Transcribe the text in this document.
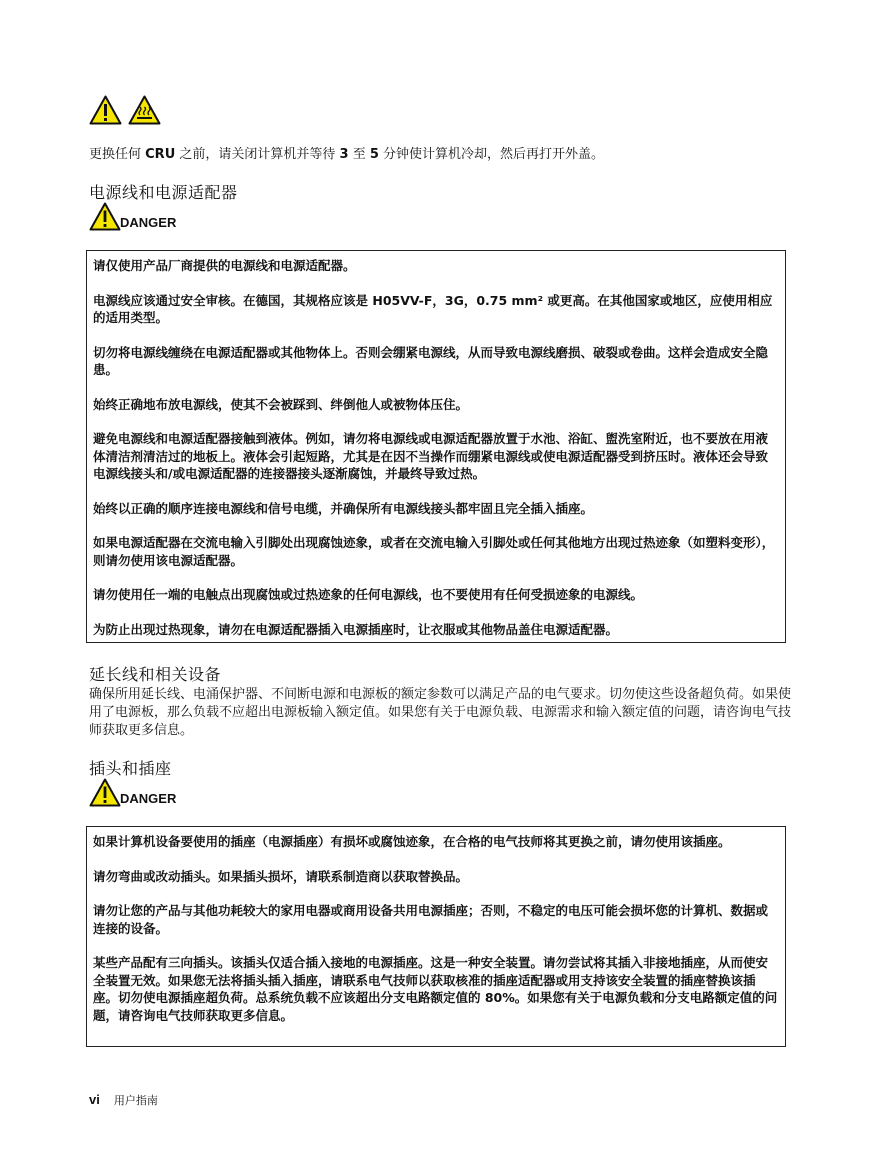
更换任何 CRU 之前，请关闭计算机并等待 3 至 5 分钟使计算机冷却，然后再打开外盖。
电源线和电源适配器
DANGER

请仅使用产品厂商提供的电源线和电源适配器。

电源线应该通过安全审核。在德国，其规格应该是 H05VV-F，3G，0.75 mm² 或更高。在其他国家或地区，应使用相应的适用类型。

切勿将电源线缠绕在电源适配器或其他物体上。否则会绷紧电源线，从而导致电源线磨损、破裂或卷曲。这样会造成安全隐患。

始终正确地布放电源线，使其不会被踩到、绊倒他人或被物体压住。

避免电源线和电源适配器接触到液体。例如，请勿将电源线或电源适配器放置于水池、浴缸、盥洗室附近，也不要放在用液体清洁剂清洁过的地板上。液体会引起短路，尤其是在因不当操作而绷紧电源线或使电源适配器受到挤压时。液体还会导致电源线接头和/或电源适配器的连接器接头逐渐腐蚀，并最终导致过热。

始终以正确的顺序连接电源线和信号电缆，并确保所有电源线接头都牢固且完全插入插座。

如果电源适配器在交流电输入引脚处出现腐蚀迹象，或者在交流电输入引脚处或任何其他地方出现过热迹象（如塑料变形），则请勿使用该电源适配器。

请勿使用任一端的电触点出现腐蚀或过热迹象的任何电源线，也不要使用有任何受损迹象的电源线。

为防止出现过热现象，请勿在电源适配器插入电源插座时，让衣服或其他物品盖住电源适配器。

延长线和相关设备
确保所用延长线、电涌保护器、不间断电源和电源板的额定参数可以满足产品的电气要求。切勿使这些设备超负荷。如果使用了电源板，那么负载不应超出电源板输入额定值。如果您有关于电源负载、电源需求和输入额定值的问题，请咨询电气技师获取更多信息。
插头和插座
DANGER

如果计算机设备要使用的插座（电源插座）有损坏或腐蚀迹象，在合格的电气技师将其更换之前，请勿使用该插座。

请勿弯曲或改动插头。如果插头损坏，请联系制造商以获取替换品。

请勿让您的产品与其他功耗较大的家用电器或商用设备共用电源插座；否则，不稳定的电压可能会损坏您的计算机、数据或连接的设备。

某些产品配有三向插头。该插头仅适合插入接地的电源插座。这是一种安全装置。请勿尝试将其插入非接地插座，从而使安全装置无效。如果您无法将插头插入插座，请联系电气技师以获取核准的插座适配器或用支持该安全装置的插座替换该插座。切勿使电源插座超负荷。总系统负载不应该超出分支电路额定值的 80%。如果您有关于电源负载和分支电路额定值的问题，请咨询电气技师获取更多信息。

vi 用户指南
